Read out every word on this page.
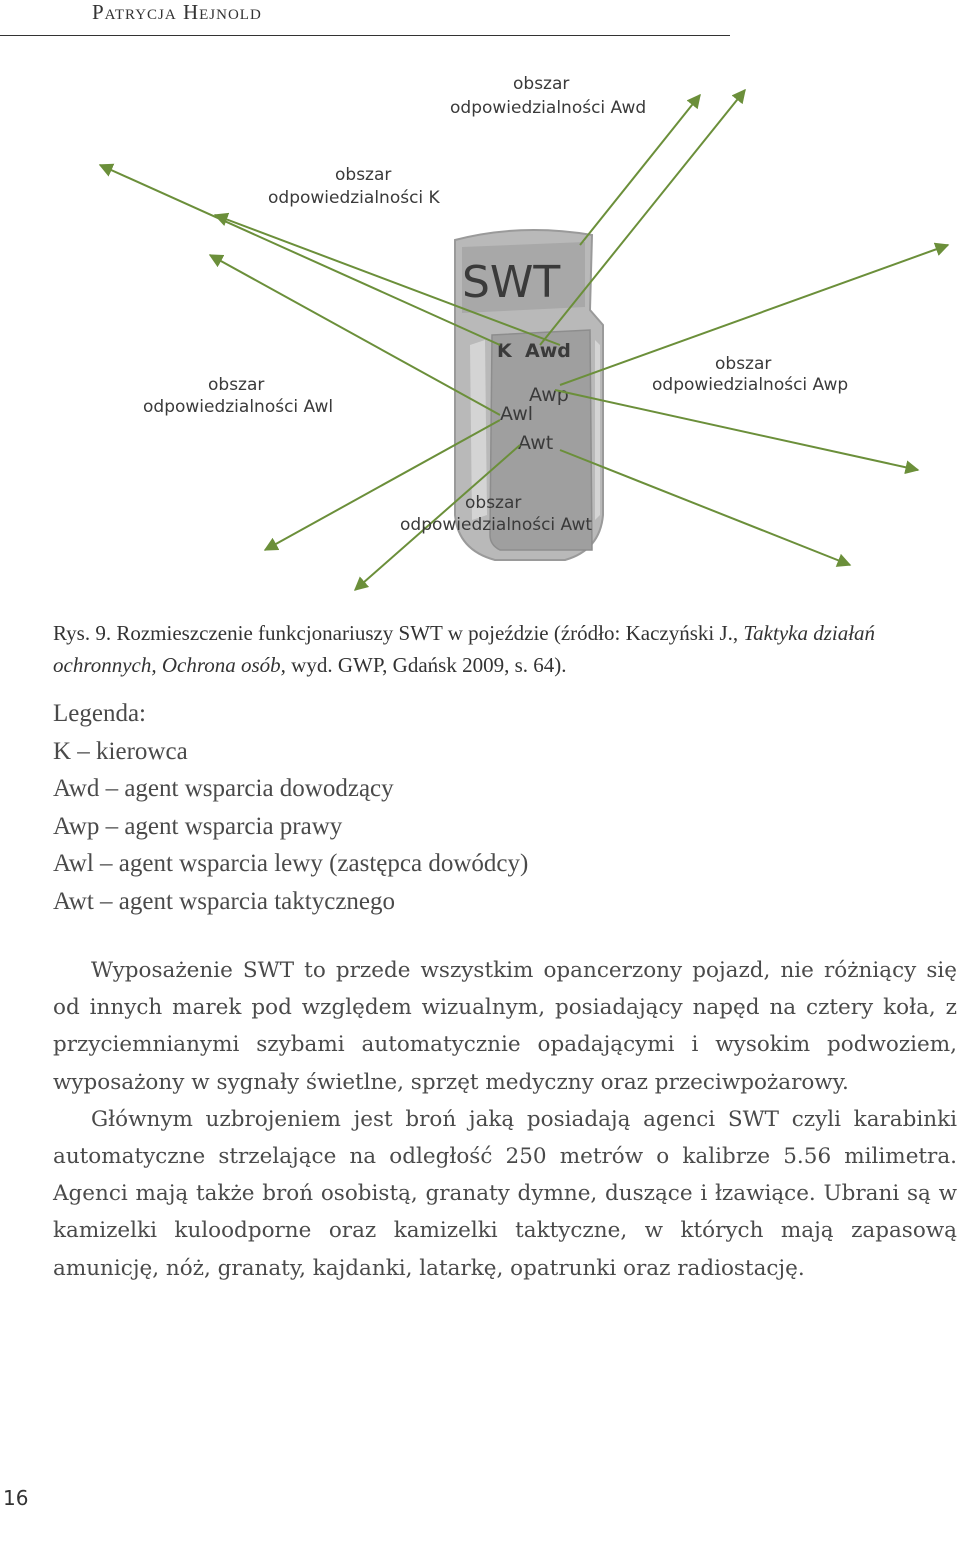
Patrycja Hejnold
SWT
K Awd
Awp
Awl
Awt
obszar
odpowiedzialności Awd
obszar
odpowiedzialności K
obszar
odpowiedzialności Awp
obszar
odpowiedzialności Awl
obszar
odpowiedzialności Awt
Rys. 9. Rozmieszczenie funkcjonariuszy SWT w pojeździe (źródło: Kaczyński J., Taktyka działań ochronnych, Ochrona osób, wyd. GWP, Gdańsk 2009, s. 64).
Legenda:
K – kierowca
Awd – agent wsparcia dowodzący
Awp – agent wsparcia prawy
Awl – agent wsparcia lewy (zastępca dowódcy)
Awt – agent wsparcia taktycznego

Wyposażenie SWT to przede wszystkim opancerzony pojazd, nie różniący się od innych marek pod względem wizualnym, posiadający napęd na cztery koła, z przyciemnianymi szybami automatycznie opadającymi i wysokim podwoziem, wyposażony w sygnały świetlne, sprzęt medyczny oraz przeciwpożarowy.

Głównym uzbrojeniem jest broń jaką posiadają agenci SWT czyli karabinki automatyczne strzelające na odległość 250 metrów o kalibrze 5.56 milimetra. Agenci mają także broń osobistą, granaty dymne, duszące i łzawiące. Ubrani są w kamizelki kuloodporne oraz kamizelki taktyczne, w których mają zapasową amunicję, nóż, granaty, kajdanki, latarkę, opatrunki oraz radiostację.

16
